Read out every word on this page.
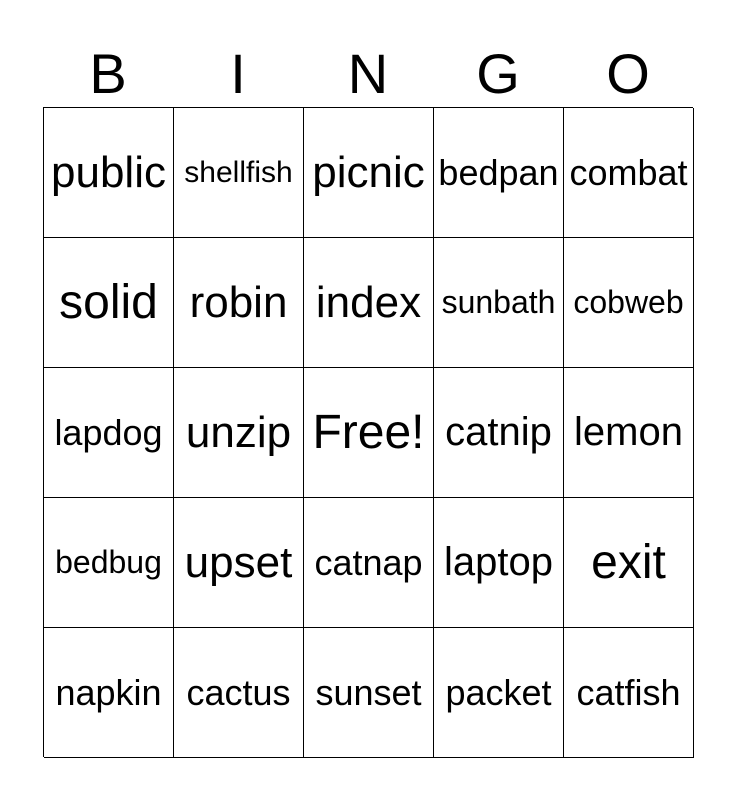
B	I	N	G	O
public shellfish picnic bedpan combat
solid robin index sunbath cobweb
lapdog unzip Free! catnip lemon
bedbug upset catnap laptop exit
napkin cactus sunset packet catfish
